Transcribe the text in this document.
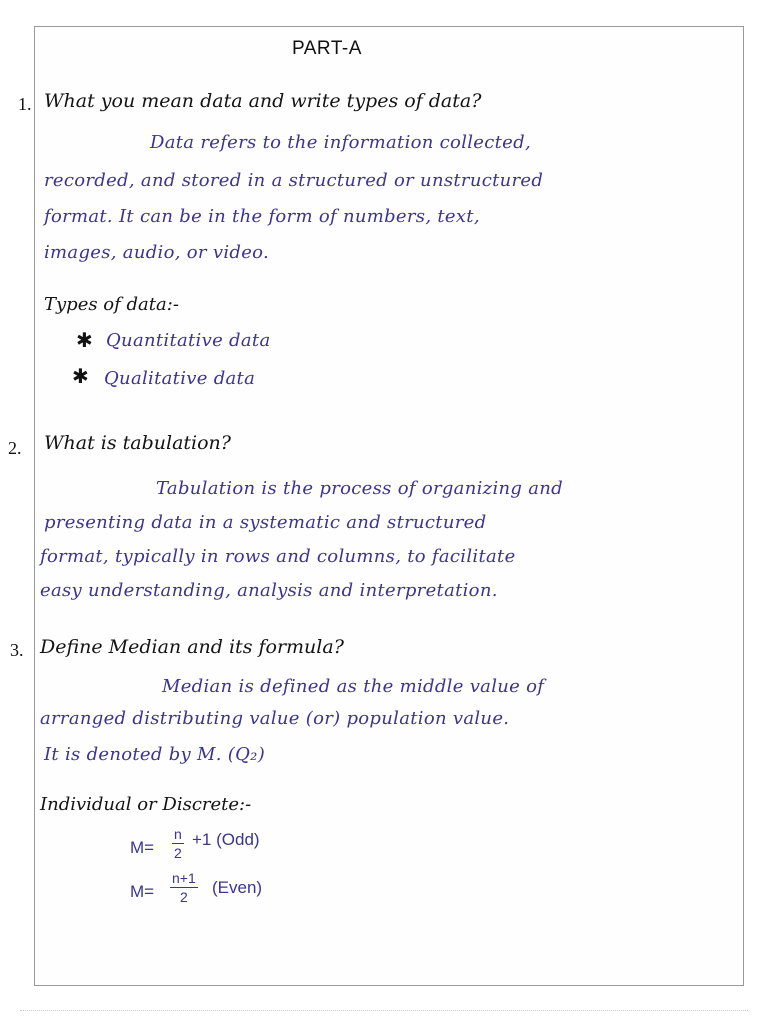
PART-A
1. What you mean data and write types of data?
Data refers to the information collected,
recorded, and stored in a structured or unstructured
format. It can be in the form of numbers, text,
images, audio, or video.
Types of data:-
✱ Quantitative data
✱ Qualitative data
2. What is tabulation?
Tabulation is the process of organizing and
presenting data in a systematic and structured
format, typically in rows and columns, to facilitate
easy understanding, analysis and interpretation.
3. Define Median and its formula?
Median is defined as the middle value of
arranged distributing value (or) population value.
It is denoted by M. (Q₂)
Individual or Discrete:-
$M= \frac{n}{2} +1$ (Odd)
$M= \frac{n+1}{2}$ (Even)
